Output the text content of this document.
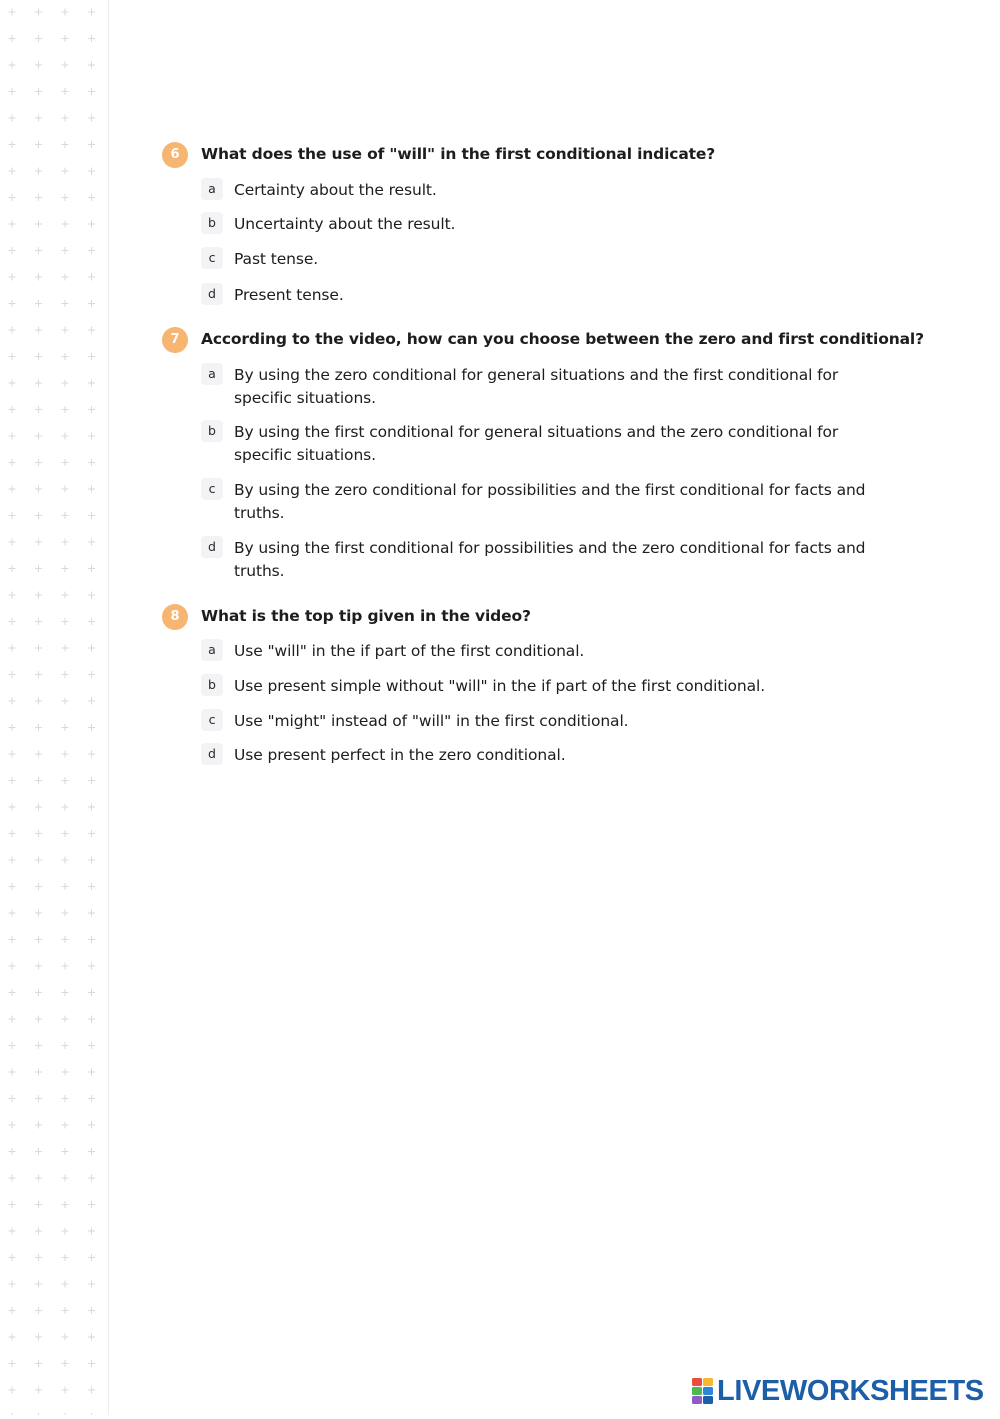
6	What does the use of "will" in the first conditional indicate?
a	Certainty about the result.
b	Uncertainty about the result.
c	Past tense.
d	Present tense.
7	According to the video, how can you choose between the zero and first conditional?
a	By using the zero conditional for general situations and the first conditional for specific situations.
b	By using the first conditional for general situations and the zero conditional for specific situations.
c	By using the zero conditional for possibilities and the first conditional for facts and truths.
d	By using the first conditional for possibilities and the zero conditional for facts and truths.
8	What is the top tip given in the video?
a	Use "will" in the if part of the first conditional.
b	Use present simple without "will" in the if part of the first conditional.
c	Use "might" instead of "will" in the first conditional.
d	Use present perfect in the zero conditional.
LIVEWORKSHEETS
